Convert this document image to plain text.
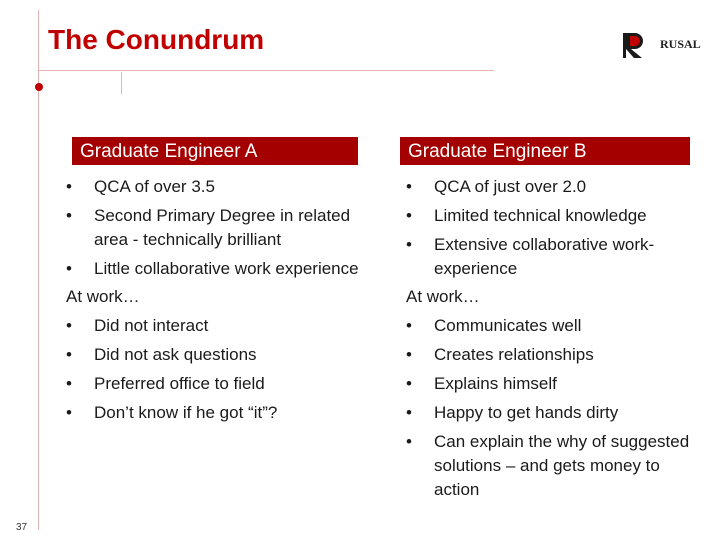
The Conundrum	RUSAL
Graduate Engineer A
•	QCA of over 3.5
•	Second Primary Degree in related area - technically brilliant
•	Little collaborative work experience
At work…
•	Did not interact
•	Did not ask questions
•	Preferred office to field
•	Don’t know if he got “it”?
Graduate Engineer B
•	QCA of just over 2.0
•	Limited technical knowledge
•	Extensive collaborative work-experience
At work…
•	Communicates well
•	Creates relationships
•	Explains himself
•	Happy to get hands dirty
•	Can explain the why of suggested solutions – and gets money to action
37
